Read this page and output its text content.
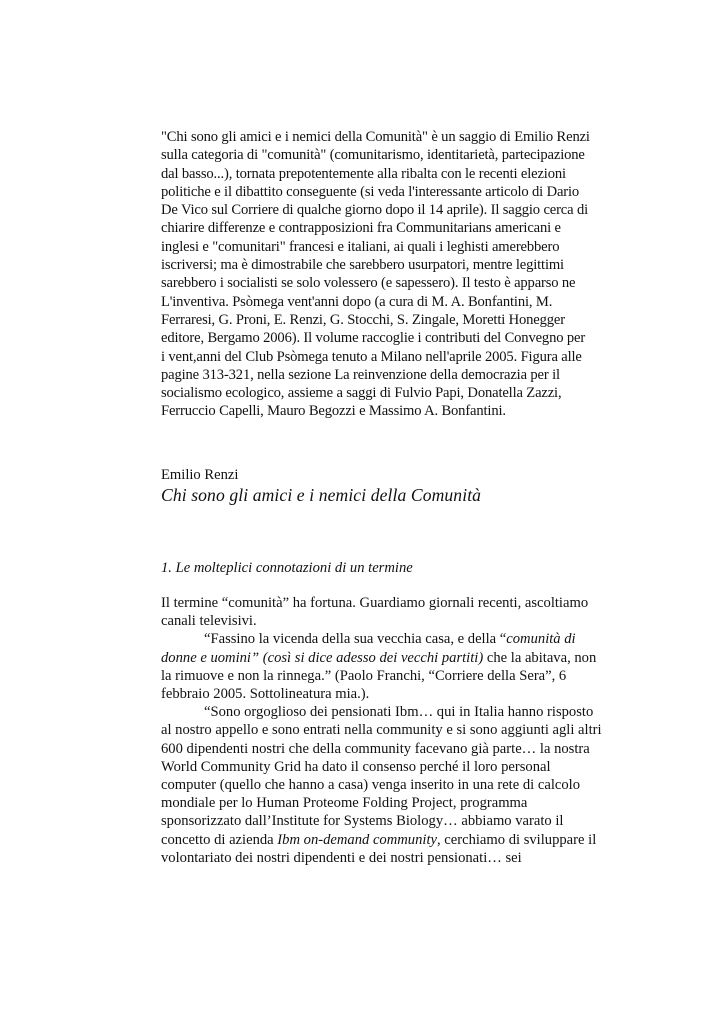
"Chi sono gli amici e i nemici della Comunità" è un saggio di Emilio Renzi
sulla categoria di "comunità" (comunitarismo, identitarietà, partecipazione
dal basso...), tornata prepotentemente alla ribalta con le recenti elezioni
politiche e il dibattito conseguente (si veda l'interessante articolo di Dario
De Vico sul Corriere di qualche giorno dopo il 14 aprile). Il saggio cerca di
chiarire differenze e contrapposizioni fra Communitarians americani e
inglesi e "comunitari" francesi e italiani, ai quali i leghisti amerebbero
iscriversi; ma è dimostrabile che sarebbero usurpatori, mentre legittimi
sarebbero i socialisti se solo volessero (e sapessero). Il testo è apparso ne
L'inventiva. Psòmega vent'anni dopo (a cura di M. A. Bonfantini, M.
Ferraresi, G. Proni, E. Renzi, G. Stocchi, S. Zingale, Moretti Honegger
editore, Bergamo 2006). Il volume raccoglie i contributi del Convegno per
i vent,anni del Club Psòmega tenuto a Milano nell'aprile 2005. Figura alle
pagine 313-321, nella sezione La reinvenzione della democrazia per il
socialismo ecologico, assieme a saggi di Fulvio Papi, Donatella Zazzi,
Ferruccio Capelli, Mauro Begozzi e Massimo A. Bonfantini.
Emilio Renzi
Chi sono gli amici e i nemici della Comunità
1. Le molteplici connotazioni di un termine
Il termine “comunità” ha fortuna. Guardiamo giornali recenti, ascoltiamo
canali televisivi.
“Fassino la vicenda della sua vecchia casa, e della “comunità di
donne e uomini” (così si dice adesso dei vecchi partiti) che la abitava, non
la rimuove e non la rinnega.” (Paolo Franchi, “Corriere della Sera”, 6
febbraio 2005. Sottolineatura mia.).
“Sono orgoglioso dei pensionati Ibm… qui in Italia hanno risposto
al nostro appello e sono entrati nella community e si sono aggiunti agli altri
600 dipendenti nostri che della community facevano già parte… la nostra
World Community Grid ha dato il consenso perché il loro personal
computer (quello che hanno a casa) venga inserito in una rete di calcolo
mondiale per lo Human Proteome Folding Project, programma
sponsorizzato dall’Institute for Systems Biology… abbiamo varato il
concetto di azienda Ibm on-demand community, cerchiamo di sviluppare il
volontariato dei nostri dipendenti e dei nostri pensionati… sei
